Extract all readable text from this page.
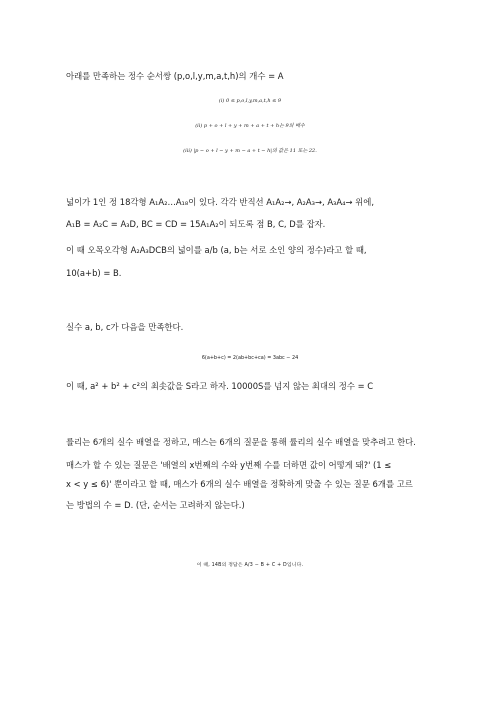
아래를 만족하는 정수 순서쌍 (p,o,l,y,m,a,t,h)의 개수 = A
(i) 0 ≤ p,o,l,y,m,a,t,h ≤ 9
(ii) p + o + l + y + m + a + t + h는 9의 배수
(iii) |p − o + l − y + m − a + t − h|의 값은 11 또는 22.
넓이가 1인 정 18각형 A₁A₂…A₁₈이 있다. 각각 반직선 A₁A₂→, A₂A₃→, A₃A₄→ 위에,
A₁B = A₂C = A₃D, BC = CD = 15A₁A₂이 되도록 점 B, C, D를 잡자.
이 때 오목오각형 A₂A₃DCB의 넓이를 a/b (a, b는 서로 소인 양의 정수)라고 할 때,
10(a+b) = B.
실수 a, b, c가 다음을 만족한다.
6(a+b+c) = 2(ab+bc+ca) = 3abc − 24
이 때, a² + b² + c²의 최솟값을 S라고 하자. 10000S를 넘지 않는 최대의 정수 = C
률리는 6개의 실수 배열을 정하고, 매스는 6개의 질문을 통해 률리의 실수 배열을 맞추려고 한다.
매스가 할 수 있는 질문은 '배열의 x번째의 수와 y번째 수를 더하면 값이 어떻게 돼?' (1 ≤
x < y ≤ 6)' 뿐이라고 할 때, 매스가 6개의 실수 배열을 정확하게 맞출 수 있는 질문 6개를 고르
는 방법의 수 = D. (단, 순서는 고려하지 않는다.)
이 때, 14B의 정답은 A/3 − B + C + D입니다.
